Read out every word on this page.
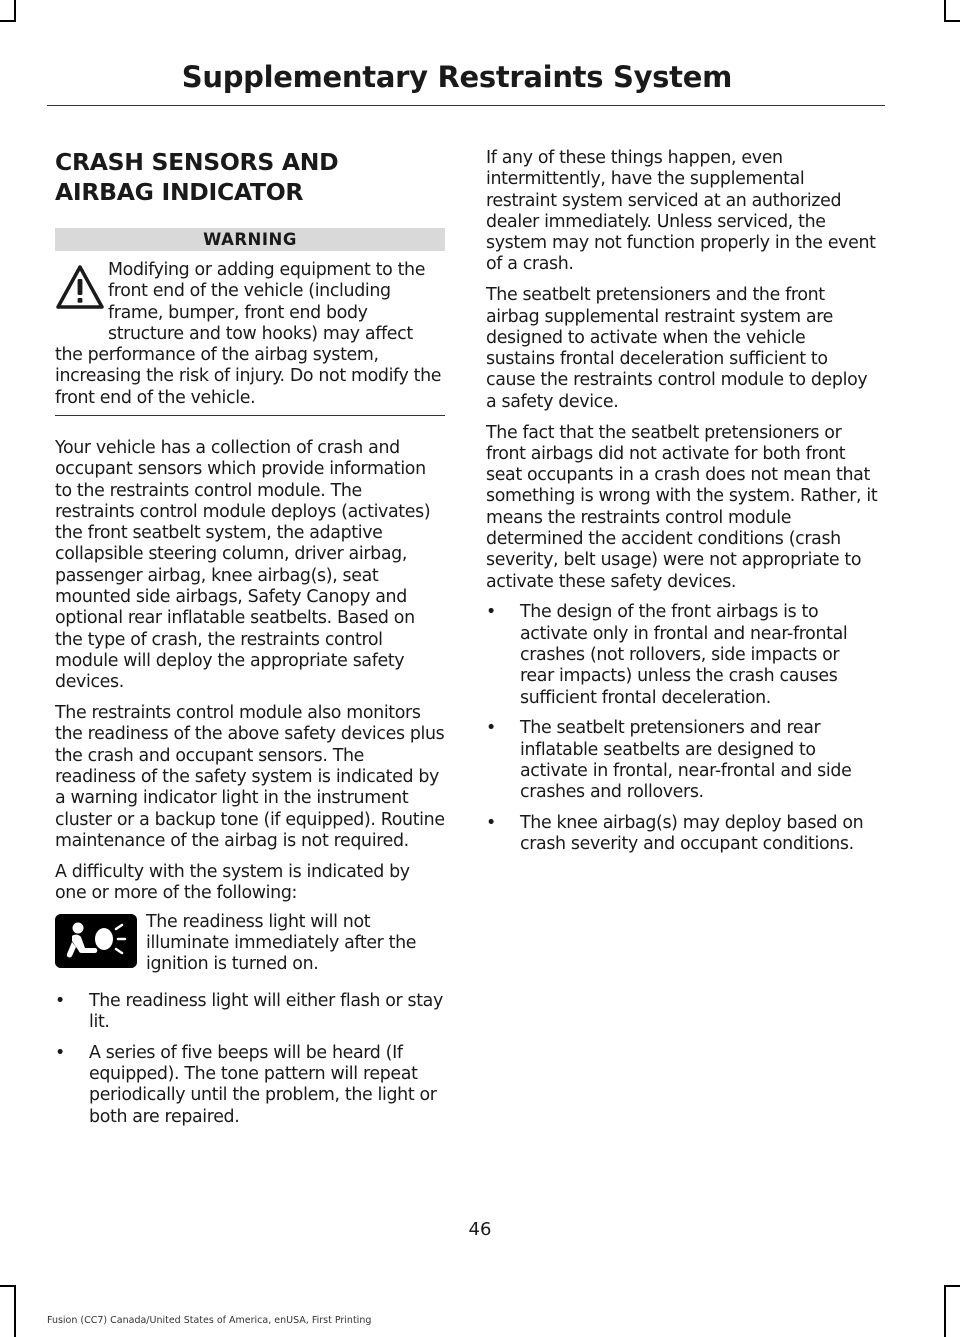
Supplementary Restraints System
CRASH SENSORS AND
AIRBAG INDICATOR
WARNING

Modifying or adding equipment to the front end of the vehicle (including frame, bumper, front end body structure and tow hooks) may affect the performance of the airbag system, increasing the risk of injury. Do not modify the front end of the vehicle.

Your vehicle has a collection of crash and occupant sensors which provide information to the restraints control module. The restraints control module deploys (activates) the front seatbelt system, the adaptive collapsible steering column, driver airbag, passenger airbag, knee airbag(s), seat mounted side airbags, Safety Canopy and optional rear inflatable seatbelts. Based on the type of crash, the restraints control module will deploy the appropriate safety devices.

The restraints control module also monitors the readiness of the above safety devices plus the crash and occupant sensors. The readiness of the safety system is indicated by a warning indicator light in the instrument cluster or a backup tone (if equipped). Routine maintenance of the airbag is not required.

A difficulty with the system is indicated by one or more of the following:

The readiness light will not illuminate immediately after the ignition is turned on.

• The readiness light will either flash or stay lit.
• A series of five beeps will be heard (If equipped). The tone pattern will repeat periodically until the problem, the light or both are repaired.

If any of these things happen, even intermittently, have the supplemental restraint system serviced at an authorized dealer immediately. Unless serviced, the system may not function properly in the event of a crash.

The seatbelt pretensioners and the front airbag supplemental restraint system are designed to activate when the vehicle sustains frontal deceleration sufficient to cause the restraints control module to deploy a safety device.

The fact that the seatbelt pretensioners or front airbags did not activate for both front seat occupants in a crash does not mean that something is wrong with the system. Rather, it means the restraints control module determined the accident conditions (crash severity, belt usage) were not appropriate to activate these safety devices.

• The design of the front airbags is to activate only in frontal and near-frontal crashes (not rollovers, side impacts or rear impacts) unless the crash causes sufficient frontal deceleration.
• The seatbelt pretensioners and rear inflatable seatbelts are designed to activate in frontal, near-frontal and side crashes and rollovers.
• The knee airbag(s) may deploy based on crash severity and occupant conditions.
46
Fusion (CC7) Canada/United States of America, enUSA, First Printing
